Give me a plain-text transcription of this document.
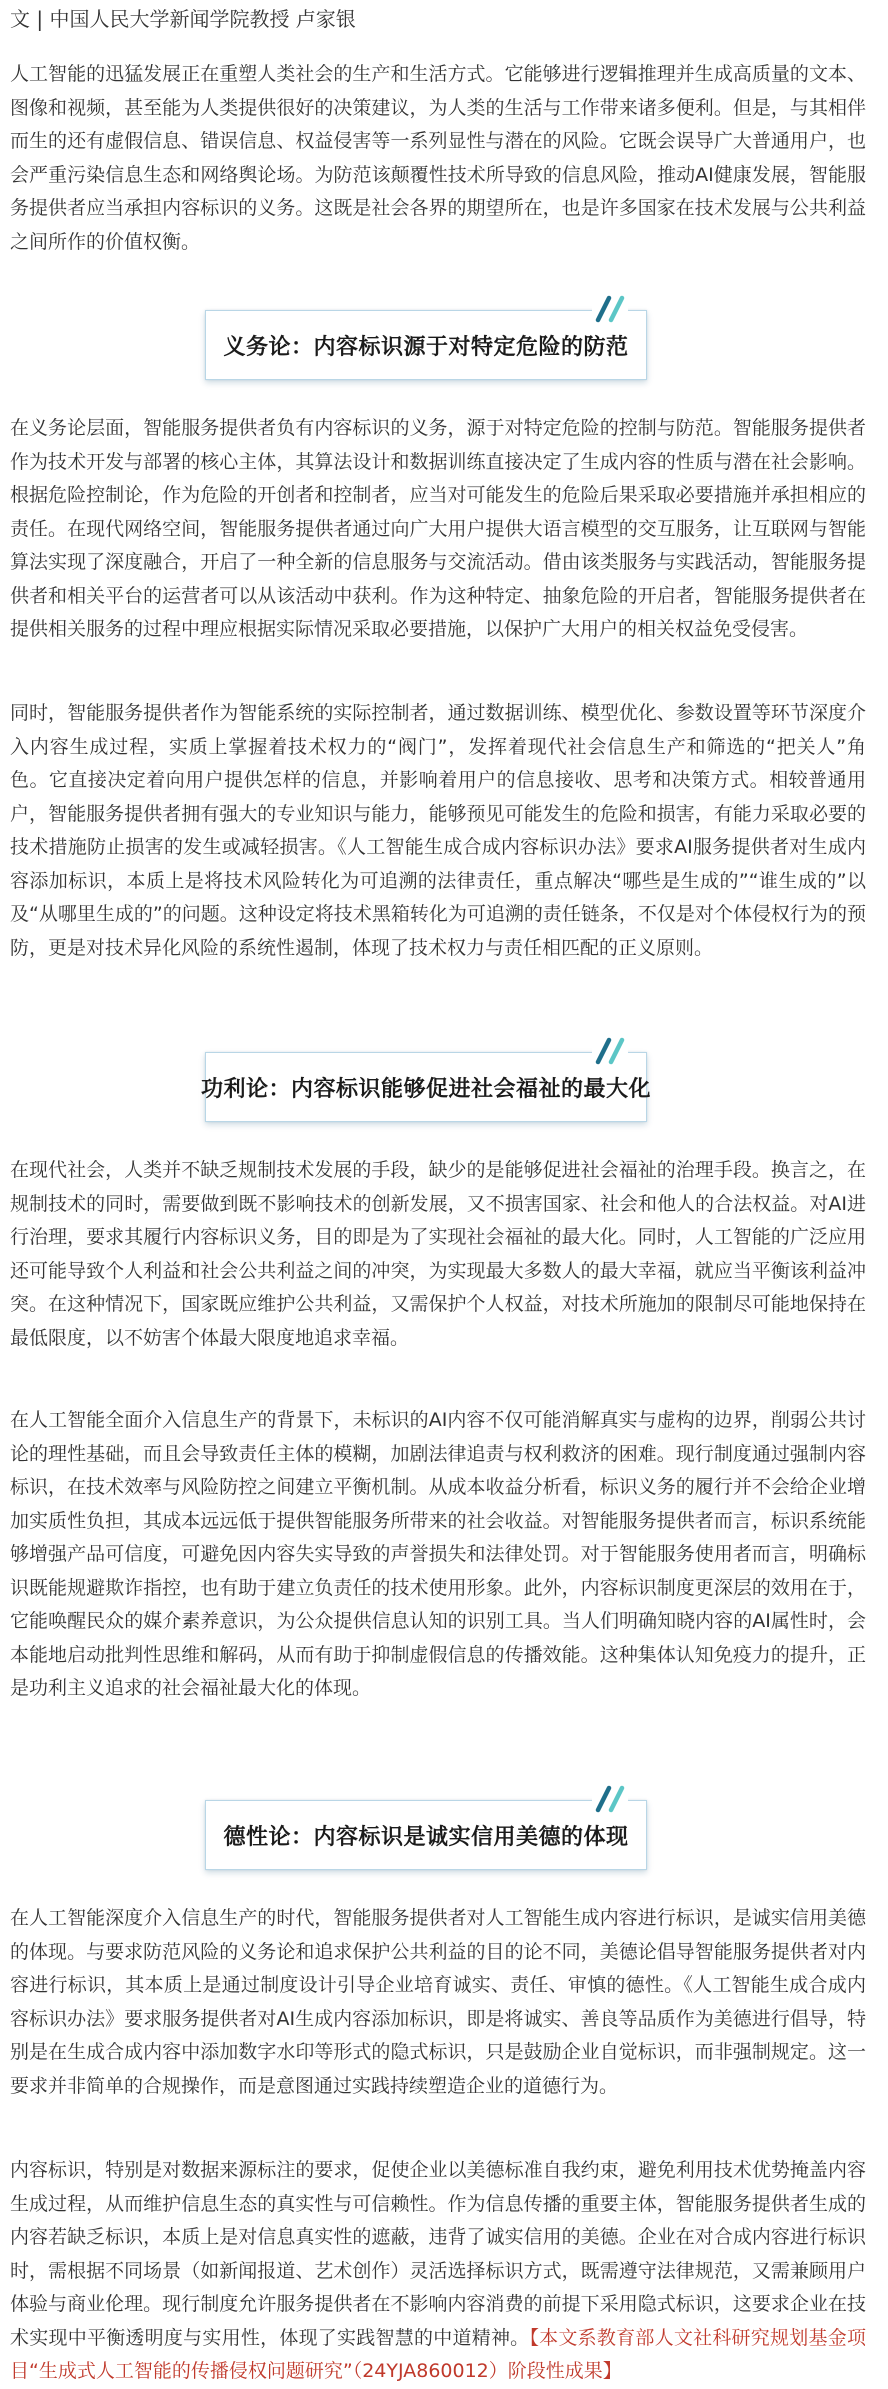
文 | 中国人民大学新闻学院教授 卢家银

人工智能的迅猛发展正在重塑人类社会的生产和生活方式。它能够进行逻辑推理并生成高质量的文本、图像和视频，甚至能为人类提供很好的决策建议，为人类的生活与工作带来诸多便利。但是，与其相伴而生的还有虚假信息、错误信息、权益侵害等一系列显性与潜在的风险。它既会误导广大普通用户，也会严重污染信息生态和网络舆论场。为防范该颠覆性技术所导致的信息风险，推动AI健康发展，智能服务提供者应当承担内容标识的义务。这既是社会各界的期望所在，也是许多国家在技术发展与公共利益之间所作的价值权衡。

义务论：内容标识源于对特定危险的防范

在义务论层面，智能服务提供者负有内容标识的义务，源于对特定危险的控制与防范。智能服务提供者作为技术开发与部署的核心主体，其算法设计和数据训练直接决定了生成内容的性质与潜在社会影响。根据危险控制论，作为危险的开创者和控制者，应当对可能发生的危险后果采取必要措施并承担相应的责任。在现代网络空间，智能服务提供者通过向广大用户提供大语言模型的交互服务，让互联网与智能算法实现了深度融合，开启了一种全新的信息服务与交流活动。借由该类服务与实践活动，智能服务提供者和相关平台的运营者可以从该活动中获利。作为这种特定、抽象危险的开启者，智能服务提供者在提供相关服务的过程中理应根据实际情况采取必要措施，以保护广大用户的相关权益免受侵害。

同时，智能服务提供者作为智能系统的实际控制者，通过数据训练、模型优化、参数设置等环节深度介入内容生成过程，实质上掌握着技术权力的“阀门”，发挥着现代社会信息生产和筛选的“把关人”角色。它直接决定着向用户提供怎样的信息，并影响着用户的信息接收、思考和决策方式。相较普通用户，智能服务提供者拥有强大的专业知识与能力，能够预见可能发生的危险和损害，有能力采取必要的技术措施防止损害的发生或减轻损害。《人工智能生成合成内容标识办法》要求AI服务提供者对生成内容添加标识，本质上是将技术风险转化为可追溯的法律责任，重点解决“哪些是生成的”“谁生成的”以及“从哪里生成的”的问题。这种设定将技术黑箱转化为可追溯的责任链条，不仅是对个体侵权行为的预防，更是对技术异化风险的系统性遏制，体现了技术权力与责任相匹配的正义原则。

功利论：内容标识能够促进社会福祉的最大化

在现代社会，人类并不缺乏规制技术发展的手段，缺少的是能够促进社会福祉的治理手段。换言之，在规制技术的同时，需要做到既不影响技术的创新发展，又不损害国家、社会和他人的合法权益。对AI进行治理，要求其履行内容标识义务，目的即是为了实现社会福祉的最大化。同时，人工智能的广泛应用还可能导致个人利益和社会公共利益之间的冲突，为实现最大多数人的最大幸福，就应当平衡该利益冲突。在这种情况下，国家既应维护公共利益，又需保护个人权益，对技术所施加的限制尽可能地保持在最低限度，以不妨害个体最大限度地追求幸福。

在人工智能全面介入信息生产的背景下，未标识的AI内容不仅可能消解真实与虚构的边界，削弱公共讨论的理性基础，而且会导致责任主体的模糊，加剧法律追责与权利救济的困难。现行制度通过强制内容标识，在技术效率与风险防控之间建立平衡机制。从成本收益分析看，标识义务的履行并不会给企业增加实质性负担，其成本远远低于提供智能服务所带来的社会收益。对智能服务提供者而言，标识系统能够增强产品可信度，可避免因内容失实导致的声誉损失和法律处罚。对于智能服务使用者而言，明确标识既能规避欺诈指控，也有助于建立负责任的技术使用形象。此外，内容标识制度更深层的效用在于，它能唤醒民众的媒介素养意识，为公众提供信息认知的识别工具。当人们明确知晓内容的AI属性时，会本能地启动批判性思维和解码，从而有助于抑制虚假信息的传播效能。这种集体认知免疫力的提升，正是功利主义追求的社会福祉最大化的体现。

德性论：内容标识是诚实信用美德的体现

在人工智能深度介入信息生产的时代，智能服务提供者对人工智能生成内容进行标识，是诚实信用美德的体现。与要求防范风险的义务论和追求保护公共利益的目的论不同，美德论倡导智能服务提供者对内容进行标识，其本质上是通过制度设计引导企业培育诚实、责任、审慎的德性。《人工智能生成合成内容标识办法》要求服务提供者对AI生成内容添加标识，即是将诚实、善良等品质作为美德进行倡导，特别是在生成合成内容中添加数字水印等形式的隐式标识，只是鼓励企业自觉标识，而非强制规定。这一要求并非简单的合规操作，而是意图通过实践持续塑造企业的道德行为。

内容标识，特别是对数据来源标注的要求，促使企业以美德标准自我约束，避免利用技术优势掩盖内容生成过程，从而维护信息生态的真实性与可信赖性。作为信息传播的重要主体，智能服务提供者生成的内容若缺乏标识，本质上是对信息真实性的遮蔽，违背了诚实信用的美德。企业在对合成内容进行标识时，需根据不同场景（如新闻报道、艺术创作）灵活选择标识方式，既需遵守法律规范，又需兼顾用户体验与商业伦理。现行制度允许服务提供者在不影响内容消费的前提下采用隐式标识，这要求企业在技术实现中平衡透明度与实用性，体现了实践智慧的中道精神。【本文系教育部人文社科研究规划基金项目“生成式人工智能的传播侵权问题研究”（24YJA860012）阶段性成果】
